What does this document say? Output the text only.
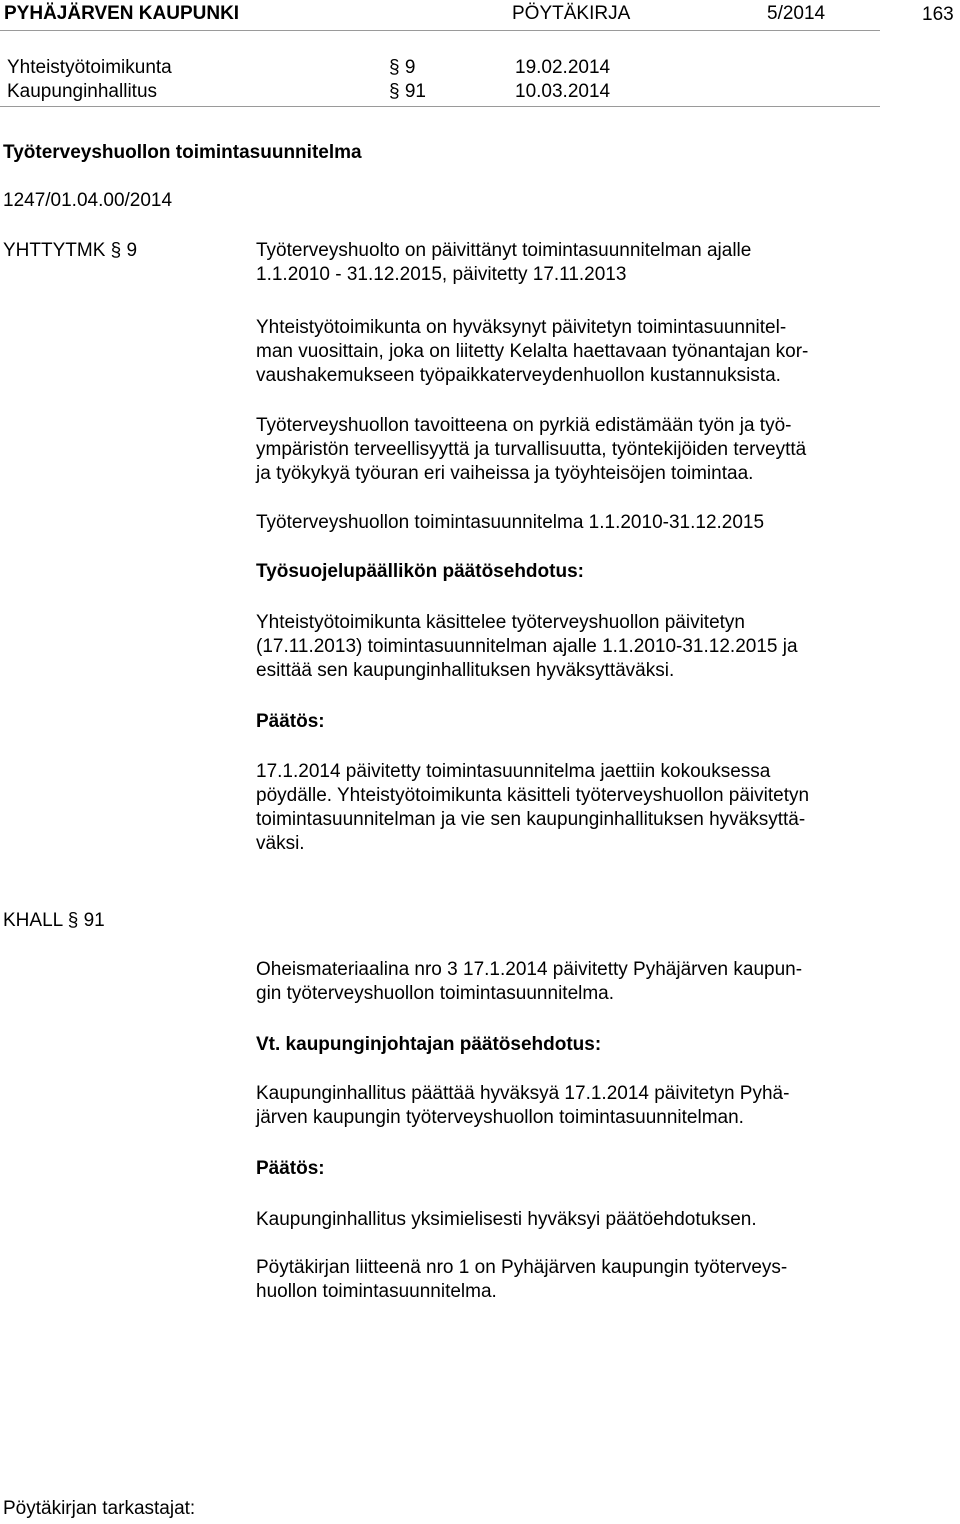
PYHÄJÄRVEN KAUPUNKI	PÖYTÄKIRJA	5/2014	163
Yhteistyötoimikunta	§ 9	19.02.2014
Kaupunginhallitus	§ 91	10.03.2014
Työterveyshuollon toimintasuunnitelma
1247/01.04.00/2014
YHTTYTMK § 9	Työterveyshuolto on päivittänyt toimintasuunnitelman ajalle
1.1.2010 - 31.12.2015, päivitetty 17.11.2013
Yhteistyötoimikunta on hyväksynyt päivitetyn toimintasuunnitel-
man vuosittain, joka on liitetty Kelalta haettavaan työnantajan kor-
vaushakemukseen työpaikkaterveydenhuollon kustannuksista.
Työterveyshuollon tavoitteena on pyrkiä edistämään työn ja työ-
ympäristön terveellisyyttä ja turvallisuutta, työntekijöiden terveyttä
ja työkykyä työuran eri vaiheissa ja työyhteisöjen toimintaa.
Työterveyshuollon toimintasuunnitelma 1.1.2010-31.12.2015
Työsuojelupäällikön päätösehdotus:
Yhteistyötoimikunta käsittelee työterveyshuollon päivitetyn
(17.11.2013) toimintasuunnitelman ajalle 1.1.2010-31.12.2015 ja
esittää sen kaupunginhallituksen hyväksyttäväksi.
Päätös:
17.1.2014 päivitetty toimintasuunnitelma jaettiin kokouksessa
pöydälle. Yhteistyötoimikunta käsitteli työterveyshuollon päivitetyn
toimintasuunnitelman ja vie sen kaupunginhallituksen hyväksyttä-
väksi.
KHALL § 91
Oheismateriaalina nro 3 17.1.2014 päivitetty Pyhäjärven kaupun-
gin työterveyshuollon toimintasuunnitelma.
Vt. kaupunginjohtajan päätösehdotus:
Kaupunginhallitus päättää hyväksyä 17.1.2014 päivitetyn Pyhä-
järven kaupungin työterveyshuollon toimintasuunnitelman.
Päätös:
Kaupunginhallitus yksimielisesti hyväksyi päätöehdotuksen.
Pöytäkirjan liitteenä nro 1 on Pyhäjärven kaupungin työterveys-
huollon toimintasuunnitelma.
Pöytäkirjan tarkastajat:
